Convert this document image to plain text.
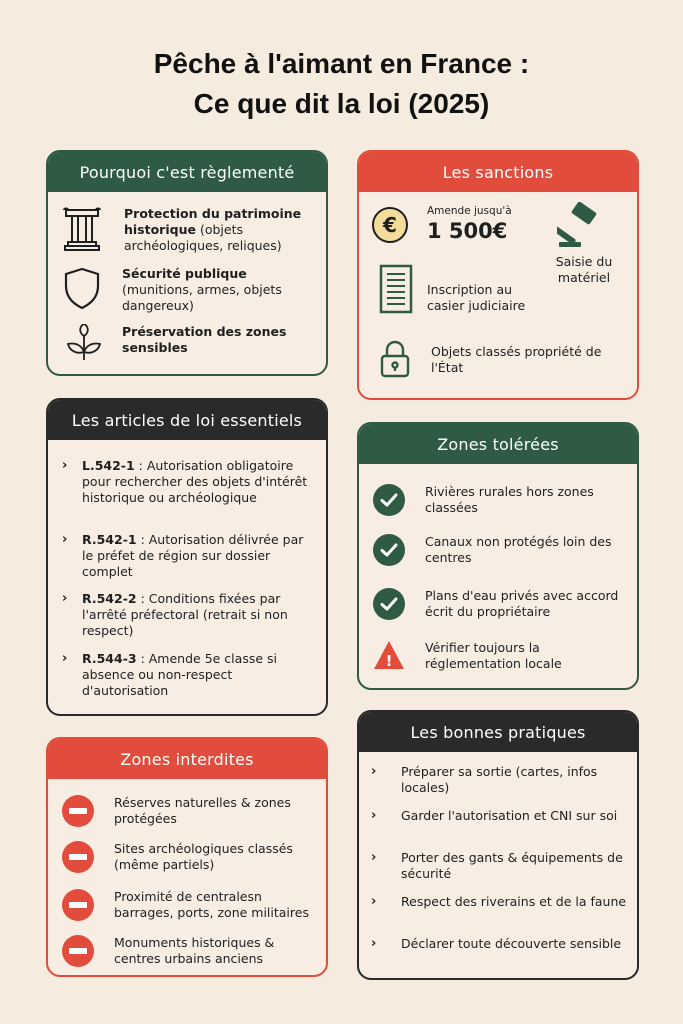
Pêche à l'aimant en France :
Ce que dit la loi (2025)
Pourquoi c'est règlementé
Protection du patrimoine historique (objets archéologiques, reliques)
Sécurité publique (munitions, armes, objets dangereux)
Préservation des zones sensibles
Les sanctions
€
Amende jusqu'à
1 500€
Saisie du matériel
Inscription au casier judiciaire
Objets classés propriété de l'État
Les articles de loi essentiels
›	L.542-1 : Autorisation obligatoire pour rechercher des objets d'intérêt historique ou archéologique
›	R.542-1 : Autorisation délivrée par le préfet de région sur dossier complet
›	R.542-2 : Conditions fixées par l'arrêté préfectoral (retrait si non respect)
›	R.544-3 : Amende 5e classe si absence ou non-respect d'autorisation
Zones tolérées
Rivières rurales hors zones classées
Canaux non protégés loin des centres
Plans d'eau privés avec accord écrit du propriétaire
!
Vérifier toujours la réglementation locale
Zones interdites
Réserves naturelles & zones protégées
Sites archéologiques classés (même partiels)
Proximité de centralesn barrages, ports, zone militaires
Monuments historiques & centres urbains anciens
Les bonnes pratiques
›	Préparer sa sortie (cartes, infos locales)
›	Garder l'autorisation et CNI sur soi
›	Porter des gants & équipements de sécurité
›	Respect des riverains et de la faune
›	Déclarer toute découverte sensible
